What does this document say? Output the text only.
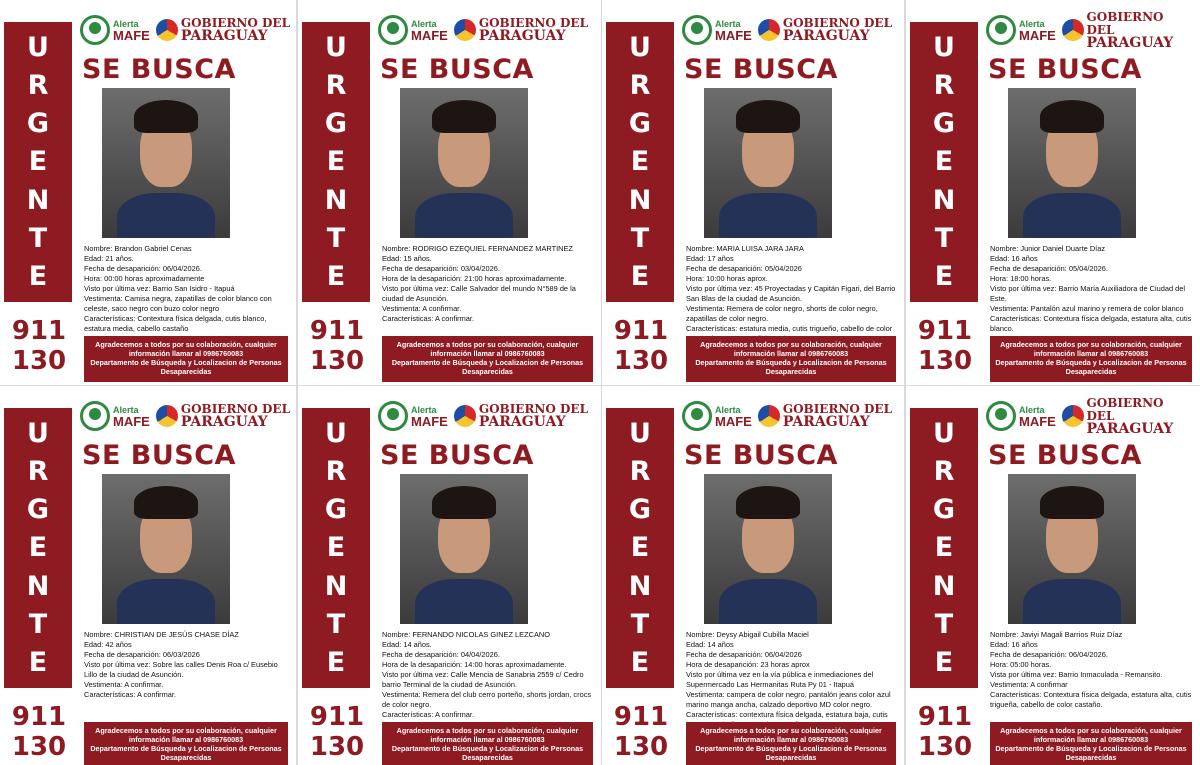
U
R
G
E
N
T
E
911
130
Alerta
MAFE
GOBIERNO DEL
PARAGUAY
SE BUSCA

Nombre: Brandon Gabriel Cenas

Edad: 21 años.

Fecha de desaparición: 06/04/2026.

Hora: 00:00 horas aproximadamente

Visto por última vez: Barrio San Isidro - Itapuá

Vestimenta: Camisa negra, zapatillas de color blanco con celeste, saco negro con buzo color negro

Características: Contextura física delgada, cutis blanco, estatura media, cabello castaño

Agradecemos a todos por su colaboración, cualquier información llamar al 0986760083
Departamento de Búsqueda y Localizacion de Personas Desaparecidas
U
R
G
E
N
T
E
911
130
Alerta
MAFE
GOBIERNO DEL
PARAGUAY
SE BUSCA

Nombre: RODRIGO EZEQUIEL FERNANDEZ MARTINEZ

Edad: 15 años.

Fecha de desaparición: 03/04/2026.

Hora de la desaparición: 21:00 horas aproximadamente.

Visto por última vez: Calle Salvador del mundo N°589 de la ciudad de Asunción.

Vestimenta: A confirmar.

Características: A confirmar.

Agradecemos a todos por su colaboración, cualquier información llamar al 0986760083
Departamento de Búsqueda y Localizacion de Personas Desaparecidas
U
R
G
E
N
T
E
911
130
Alerta
MAFE
GOBIERNO DEL
PARAGUAY
SE BUSCA

Nombre: MARIA LUISA JARA JARA

Edad: 17 años

Fecha de desaparición: 05/04/2026

Hora: 10:00 horas aprox.

Visto por última vez: 45 Proyectadas y Capitán Figari, del Barrio San Blas de la ciudad de Asunción.

Vestimenta: Remera de color negro, shorts de color negro, zapatillas de color negro.

Características: estatura media, cutis trigueño, cabello de color

Agradecemos a todos por su colaboración, cualquier información llamar al 0986760083
Departamento de Búsqueda y Localizacion de Personas Desaparecidas
U
R
G
E
N
T
E
911
130
Alerta
MAFE
GOBIERNO DEL
PARAGUAY
SE BUSCA

Nombre: Junior Daniel Duarte Díaz

Edad: 16 años

Fecha de desaparición: 05/04/2026.

Hora: 18:00 horas.

Visto por última vez: Barrio María Auxiliadora de Ciudad del Este.

Vestimenta: Pantalón azul marino y remera de color blanco

Características: Contextura física delgada, estatura alta, cutis blanco.

Agradecemos a todos por su colaboración, cualquier información llamar al 0986760083
Departamento de Búsqueda y Localizacion de Personas Desaparecidas
U
R
G
E
N
T
E
911
130
Alerta
MAFE
GOBIERNO DEL
PARAGUAY
SE BUSCA

Nombre: CHRISTIAN DE JESÚS CHASE DÍAZ

Edad: 42 años

Fecha de desaparición: 06/03/2026

Visto por última vez: Sobre las calles Denis Roa c/ Eusebio Lillo de la ciudad de Asunción.

Vestimenta: A confirmar.

Características: A confirmar.

Agradecemos a todos por su colaboración, cualquier información llamar al 0986760083
Departamento de Búsqueda y Localizacion de Personas Desaparecidas
U
R
G
E
N
T
E
911
130
Alerta
MAFE
GOBIERNO DEL
PARAGUAY
SE BUSCA

Nombre: FERNANDO NICOLAS GINEZ LEZCANO

Edad: 14 años.

Fecha de desaparición: 04/04/2026.

Hora de la desaparición: 14:00 horas aproximadamente.

Visto por última vez: Calle Mencia de Sanabria 2559 c/ Cedro barrio Terminal de la ciudad de Asunción.

Vestimenta: Remera del club cerro porteño, shorts jordan, crocs de color negro.

Características: A confirmar.

Agradecemos a todos por su colaboración, cualquier información llamar al 0986760083
Departamento de Búsqueda y Localizacion de Personas Desaparecidas
U
R
G
E
N
T
E
911
130
Alerta
MAFE
GOBIERNO DEL
PARAGUAY
SE BUSCA

Nombre: Deysy Abigail Cubilla Maciel

Edad: 14 años

Fecha de desaparición: 06/04/2026

Hora de desaparición: 23 horas aprox

Visto por última vez en la vía pública e inmediaciones del Supermercado Las Hermanitas Ruta Py 01 - Itapuá

Vestimenta: campera de color negro, pantalón jeans color azul marino manga ancha, calzado deportivo MD color negro.

Características: contextura física delgada, estatura baja, cutis

Agradecemos a todos por su colaboración, cualquier información llamar al 0986760083
Departamento de Búsqueda y Localizacion de Personas Desaparecidas
U
R
G
E
N
T
E
911
130
Alerta
MAFE
GOBIERNO DEL
PARAGUAY
SE BUSCA

Nombre: Javiyi Magali Barrios Ruiz Díaz

Edad: 16 años

Fecha de desaparición: 06/04/2026.

Hora: 05:00 horas.

Vista por última vez: Barrio Inmaculada - Remansito.

Vestimenta: A confirmar

Características: Contextura física delgada, estatura alta, cutis trigueña, cabello de color castaño.

Agradecemos a todos por su colaboración, cualquier información llamar al 0986760083
Departamento de Búsqueda y Localizacion de Personas Desaparecidas
